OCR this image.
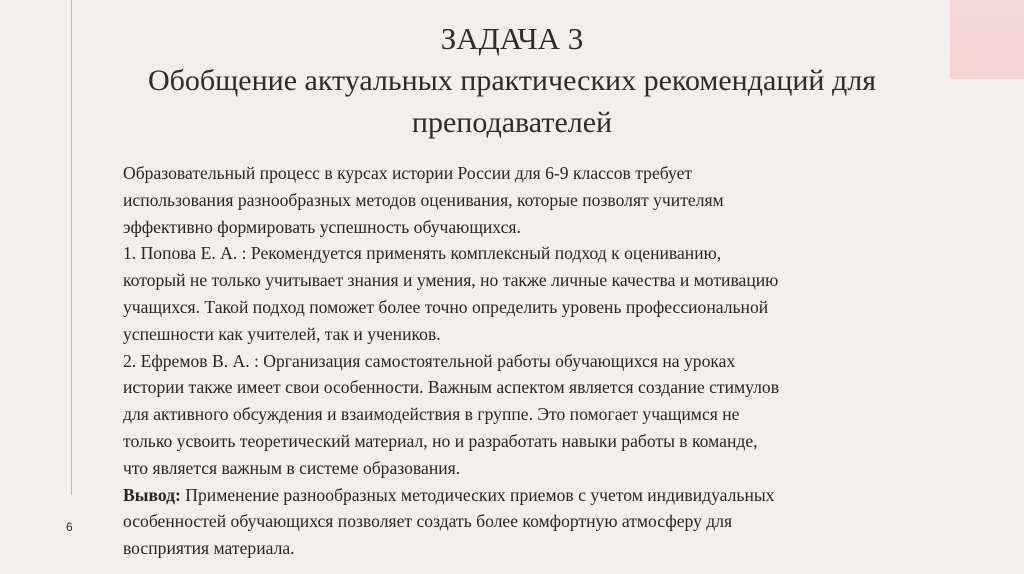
ЗАДАЧА 3
Обобщение актуальных практических рекомендаций для
преподавателей
Образовательный процесс в курсах истории России для 6-9 классов требует
использования разнообразных методов оценивания, которые позволят учителям
эффективно формировать успешность обучающихся.
1. Попова Е. А. : Рекомендуется применять комплексный подход к оцениванию,
который не только учитывает знания и умения, но также личные качества и мотивацию
учащихся. Такой подход поможет более точно определить уровень профессиональной
успешности как учителей, так и учеников.
2. Ефремов В. А. : Организация самостоятельной работы обучающихся на уроках
истории также имеет свои особенности. Важным аспектом является создание стимулов
для активного обсуждения и взаимодействия в группе. Это помогает учащимся не
только усвоить теоретический материал, но и разработать навыки работы в команде,
что является важным в системе образования.
Вывод: Применение разнообразных методических приемов с учетом индивидуальных
особенностей обучающихся позволяет создать более комфортную атмосферу для
восприятия материала.
6
